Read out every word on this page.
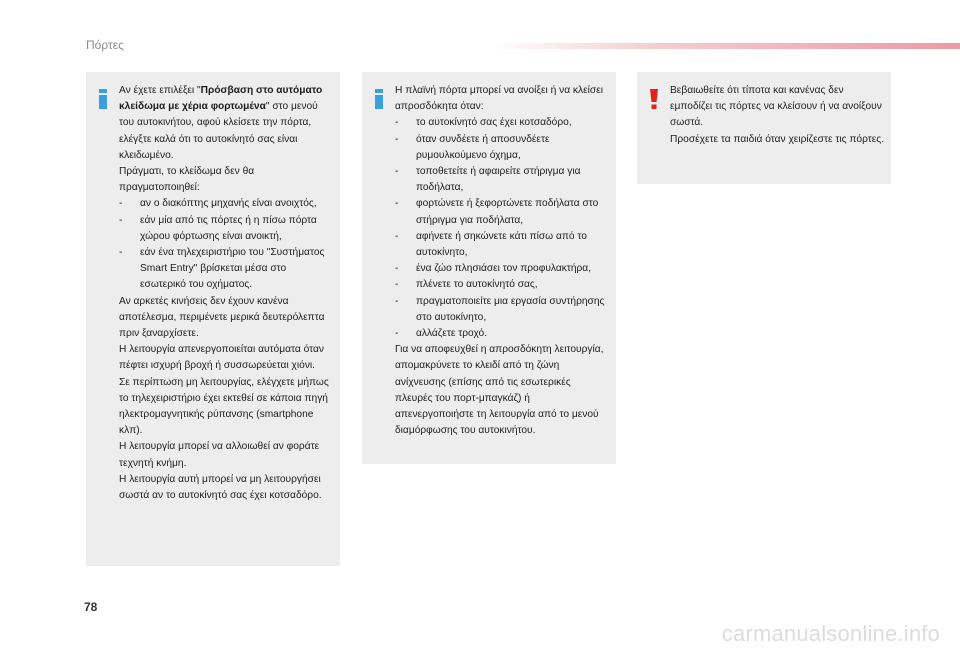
Πόρτες

Αν έχετε επιλέξει "Πρόσβαση στο αυτόματο κλείδωμα με χέρια φορτωμένα" στο μενού του αυτοκινήτου, αφού κλείσετε την πόρτα, ελέγξτε καλά ότι το αυτοκίνητό σας είναι κλειδωμένο.

Πράγματι, το κλείδωμα δεν θα πραγματοποιηθεί:

- αν ο διακόπτης μηχανής είναι ανοιχτός,
- εάν μία από τις πόρτες ή η πίσω πόρτα χώρου φόρτωσης είναι ανοικτή,
- εάν ένα τηλεχειριστήριο του "Συστήματος Smart Entry" βρίσκεται μέσα στο εσωτερικό του οχήματος.

Αν αρκετές κινήσεις δεν έχουν κανένα αποτέλεσμα, περιμένετε μερικά δευτερόλεπτα πριν ξαναρχίσετε.

Η λειτουργία απενεργοποιείται αυτόματα όταν πέφτει ισχυρή βροχή ή συσσωρεύεται χιόνι.

Σε περίπτωση μη λειτουργίας, ελέγχετε μήπως το τηλεχειριστήριο έχει εκτεθεί σε κάποια πηγή ηλεκτρομαγνητικής ρύπανσης (smartphone κλπ).

Η λειτουργία μπορεί να αλλοιωθεί αν φοράτε τεχνητή κνήμη.

Η λειτουργία αυτή μπορεί να μη λειτουργήσει σωστά αν το αυτοκίνητό σας έχει κοτσαδόρο.

Η πλαϊνή πόρτα μπορεί να ανοίξει ή να κλείσει απροσδόκητα όταν:

- το αυτοκίνητό σας έχει κοτσαδόρο,
- όταν συνδέετε ή αποσυνδέετε ρυμουλκούμενο όχημα,
- τοποθετείτε ή αφαιρείτε στήριγμα για ποδήλατα,
- φορτώνετε ή ξεφορτώνετε ποδήλατα στο στήριγμα για ποδήλατα,
- αφήνετε ή σηκώνετε κάτι πίσω από το αυτοκίνητο,
- ένα ζώο πλησιάσει τον προφυλακτήρα,
- πλένετε το αυτοκίνητό σας,
- πραγματοποιείτε μια εργασία συντήρησης στο αυτοκίνητο,
- αλλάζετε τροχό.

Για να αποφευχθεί η απροσδόκητη λειτουργία, απομακρύνετε το κλειδί από τη ζώνη ανίχνευσης (επίσης από τις εσωτερικές πλευρές του πορτ-μπαγκάζ) ή απενεργοποιήστε τη λειτουργία από το μενού διαμόρφωσης του αυτοκινήτου.

Βεβαιωθείτε ότι τίποτα και κανένας δεν εμποδίζει τις πόρτες να κλείσουν ή να ανοίξουν σωστά.

Προσέχετε τα παιδιά όταν χειρίζεστε τις πόρτες.

78
carmanualsonline.info
